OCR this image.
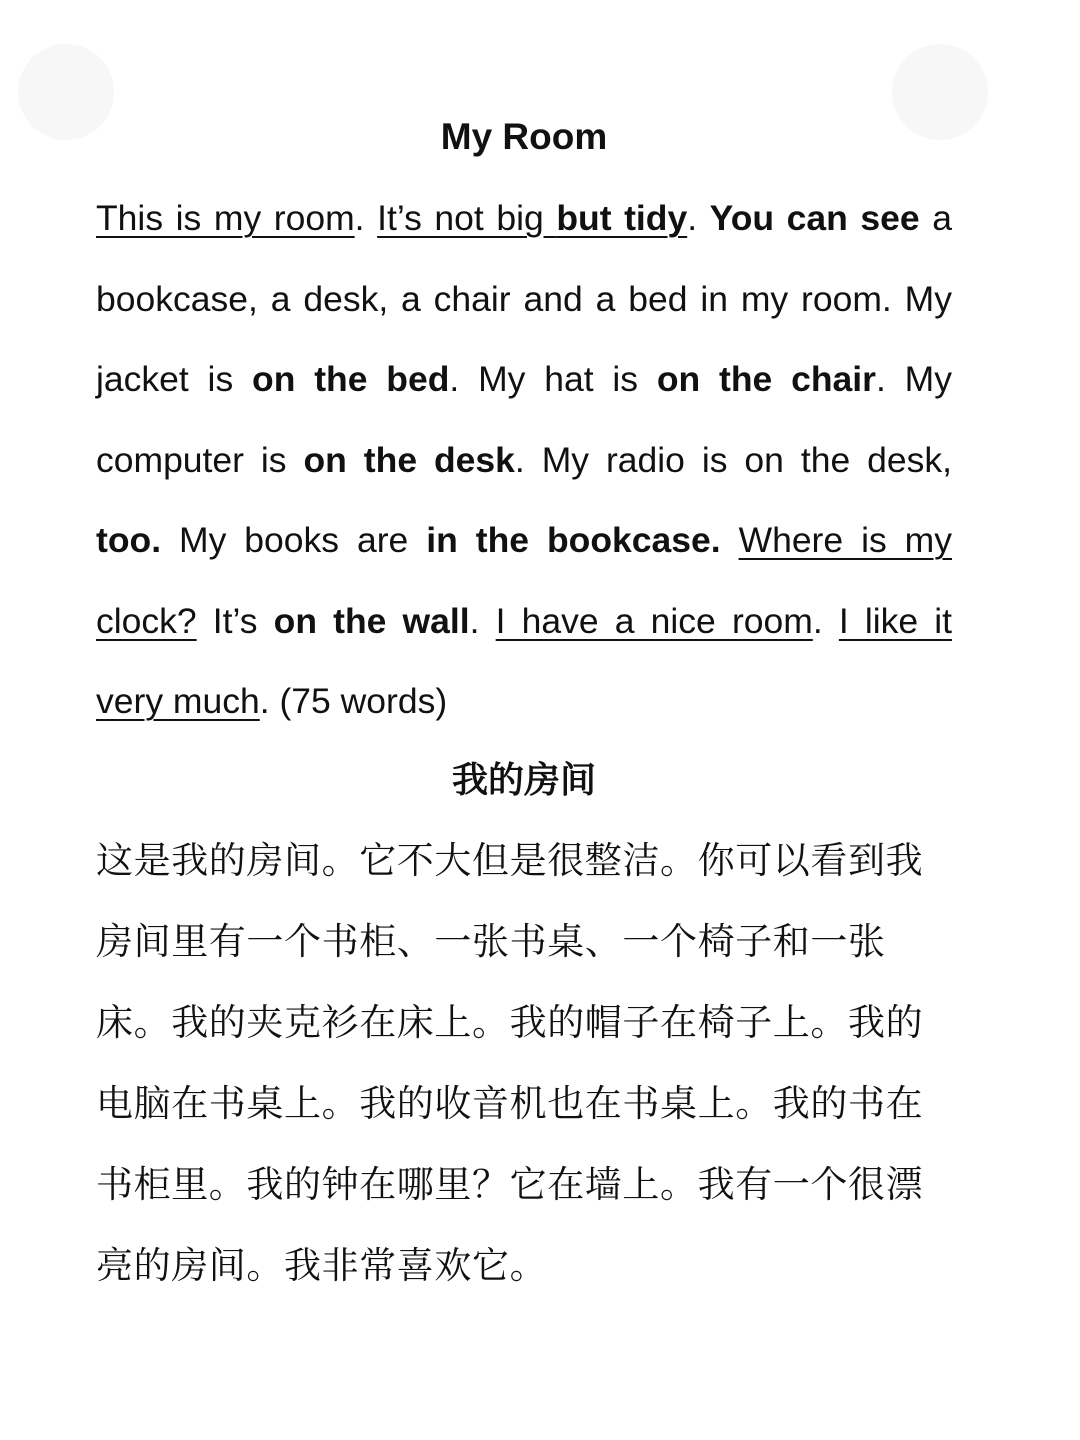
My Room

This is my room. It’s not big but tidy. You can see a bookcase, a desk, a chair and a bed in my room. My jacket is on the bed. My hat is on the chair. My computer is on the desk. My radio is on the desk, too. My books are in the bookcase. Where is my clock? It’s on the wall. I have a nice room. I like it very much. (75 words)

我的房间

这是我的房间。它不大但是很整洁。你可以看到我房间里有一个书柜、一张书桌、一个椅子和一张床。我的夹克衫在床上。我的帽子在椅子上。我的电脑在书桌上。我的收音机也在书桌上。我的书在书柜里。我的钟在哪里？它在墙上。我有一个很漂亮的房间。我非常喜欢它。
